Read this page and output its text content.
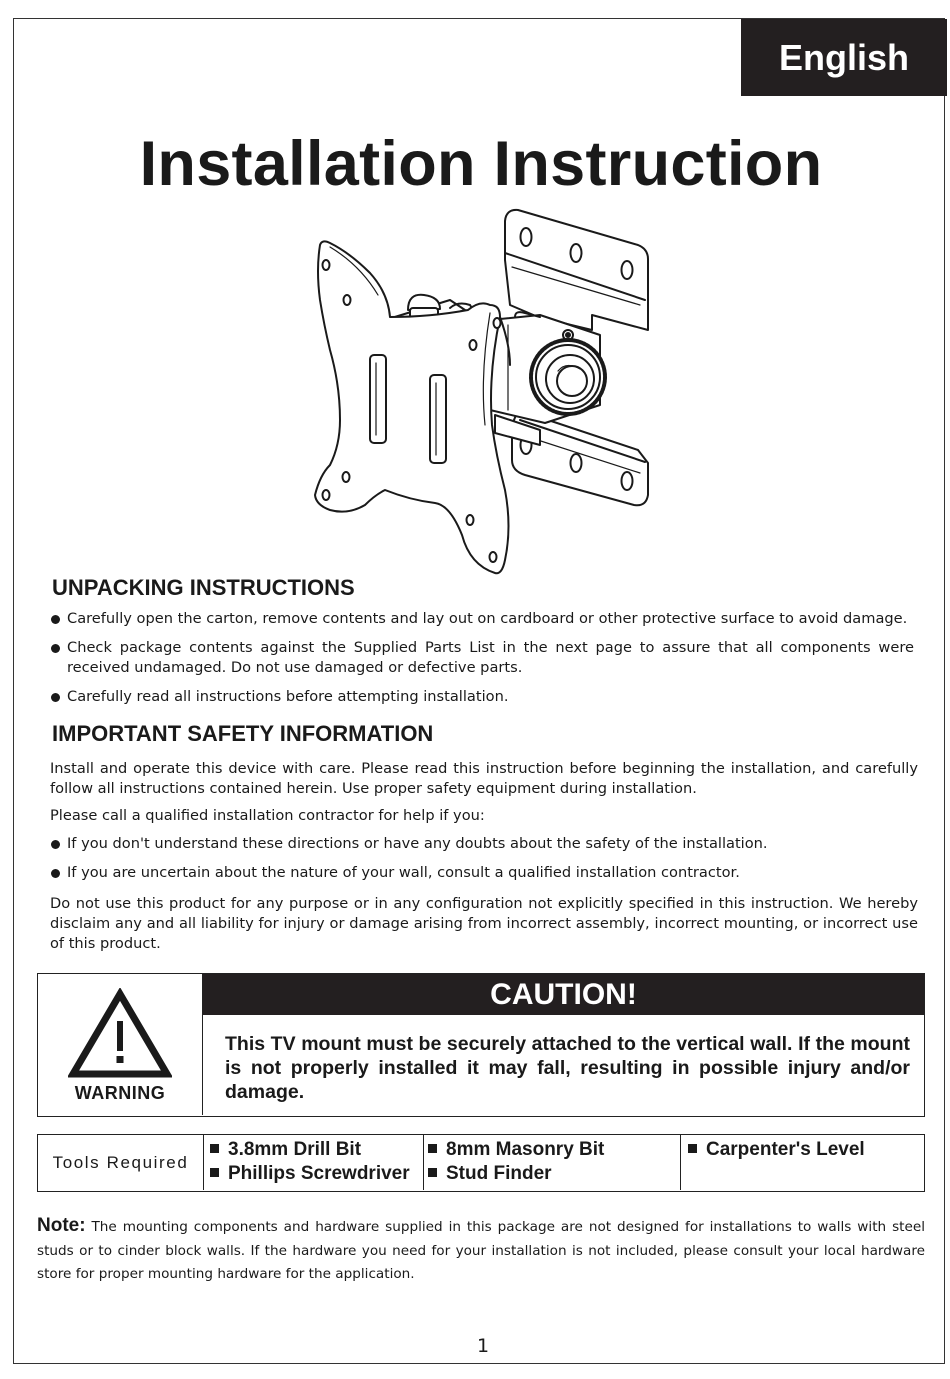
English
Installation Instruction
UNPACKING INSTRUCTIONS
Carefully open the carton, remove contents and lay out on cardboard or other protective surface to avoid damage.
Check package contents against the Supplied Parts List in the next page to assure that all components were received undamaged. Do not use damaged or defective parts.
Carefully read all instructions before attempting installation.
IMPORTANT SAFETY INFORMATION

Install and operate this device with care. Please read this instruction before beginning the installation, and carefully follow all instructions contained herein. Use proper safety equipment during installation.

Please call a qualified installation contractor for help if you:

If you don't understand these directions or have any doubts about the safety of the installation.
If you are uncertain about the nature of your wall, consult a qualified installation contractor.

Do not use this product for any purpose or in any configuration not explicitly specified in this instruction. We hereby disclaim any and all liability for injury or damage arising from incorrect assembly, incorrect mounting, or incorrect use of this product.

WARNING
CAUTION!

This TV mount must be securely attached to the vertical wall. If the mount is not properly installed it may fall, resulting in possible injury and/or damage.

Tools Required
3.8mm Drill Bit
Phillips Screwdriver
8mm Masonry Bit
Stud Finder
Carpenter's Level

Note: The mounting components and hardware supplied in this package are not designed for installations to walls with steel studs or to cinder block walls. If the hardware you need for your installation is not included, please consult your local hardware store for proper mounting hardware for the application.

1
